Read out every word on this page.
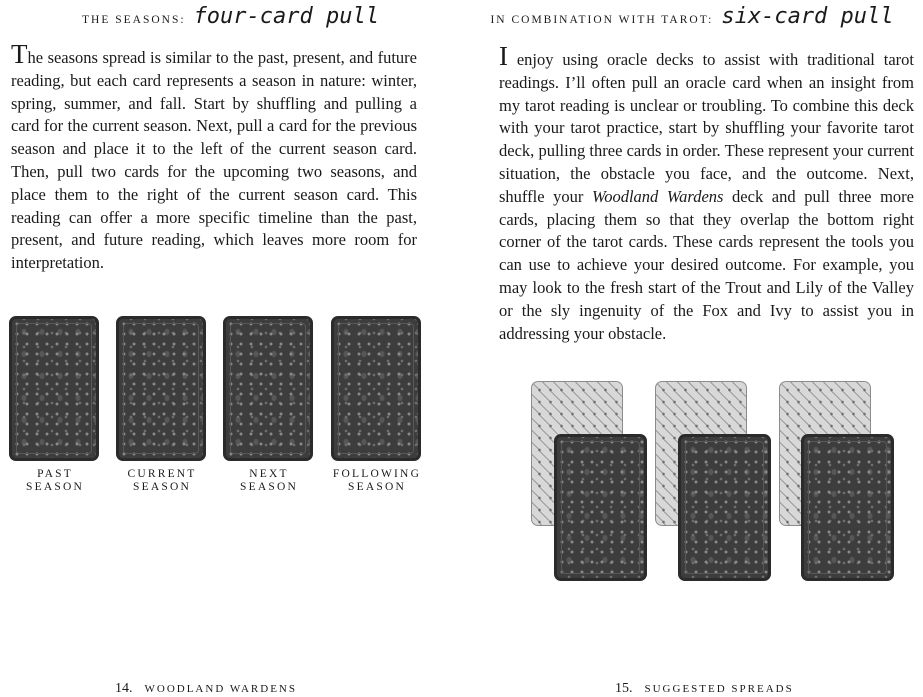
THE SEASONS: four-card pull

The seasons spread is similar to the past, present, and future reading, but each card represents a season in nature: winter, spring, summer, and fall. Start by shuffling and pulling a card for the current season. Next, pull a card for the previous season and place it to the left of the current season card. Then, pull two cards for the upcoming two seasons, and place them to the right of the current season card. This reading can offer a more specific timeline than the past, present, and future reading, which leaves more room for interpretation.

PAST
SEASON
CURRENT
SEASON
NEXT
SEASON
FOLLOWING
SEASON
14. WOODLAND WARDENS
IN COMBINATION WITH TAROT: six-card pull

I enjoy using oracle decks to assist with traditional tarot readings. I’ll often pull an oracle card when an insight from my tarot reading is unclear or troubling. To combine this deck with your tarot practice, start by shuffling your favorite tarot deck, pulling three cards in order. These represent your current situation, the obstacle you face, and the outcome. Next, shuffle your Woodland Wardens deck and pull three more cards, placing them so that they overlap the bottom right corner of the tarot cards. These cards represent the tools you can use to achieve your desired outcome. For example, you may look to the fresh start of the Trout and Lily of the Valley or the sly ingenuity of the Fox and Ivy to assist you in addressing your obstacle.

15. SUGGESTED SPREADS
